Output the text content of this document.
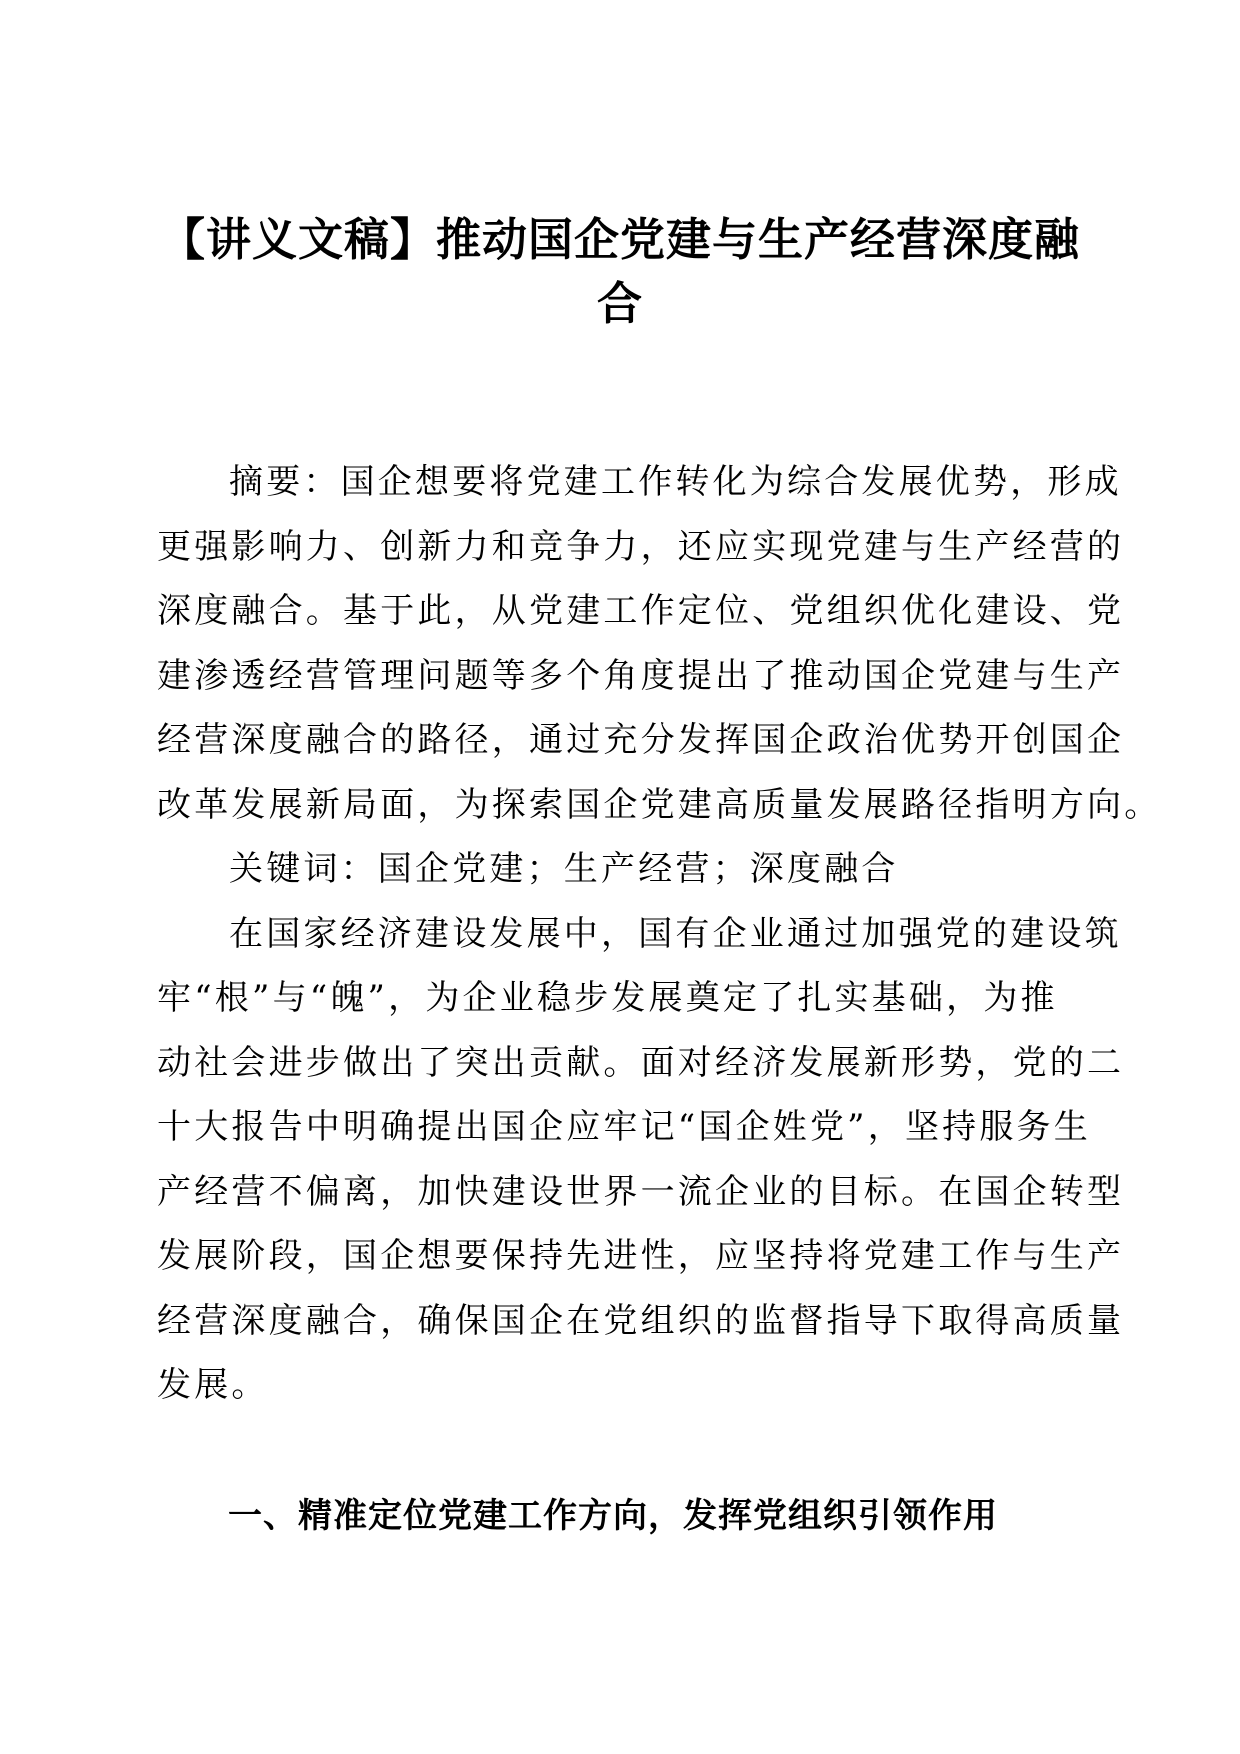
【讲义文稿】推动国企党建与生产经营深度融
合

摘要：国企想要将党建工作转化为综合发展优势，形成
更强影响力、创新力和竞争力，还应实现党建与生产经营的
深度融合。基于此，从党建工作定位、党组织优化建设、党
建渗透经营管理问题等多个角度提出了推动国企党建与生产
经营深度融合的路径，通过充分发挥国企政治优势开创国企
改革发展新局面，为探索国企党建高质量发展路径指明方向。

关键词：国企党建；生产经营；深度融合

在国家经济建设发展中，国有企业通过加强党的建设筑
牢“根”与“魄”，为企业稳步发展奠定了扎实基础，为推
动社会进步做出了突出贡献。面对经济发展新形势，党的二
十大报告中明确提出国企应牢记“国企姓党”，坚持服务生
产经营不偏离，加快建设世界一流企业的目标。在国企转型
发展阶段，国企想要保持先进性，应坚持将党建工作与生产
经营深度融合，确保国企在党组织的监督指导下取得高质量
发展。

一、精准定位党建工作方向，发挥党组织引领作用
